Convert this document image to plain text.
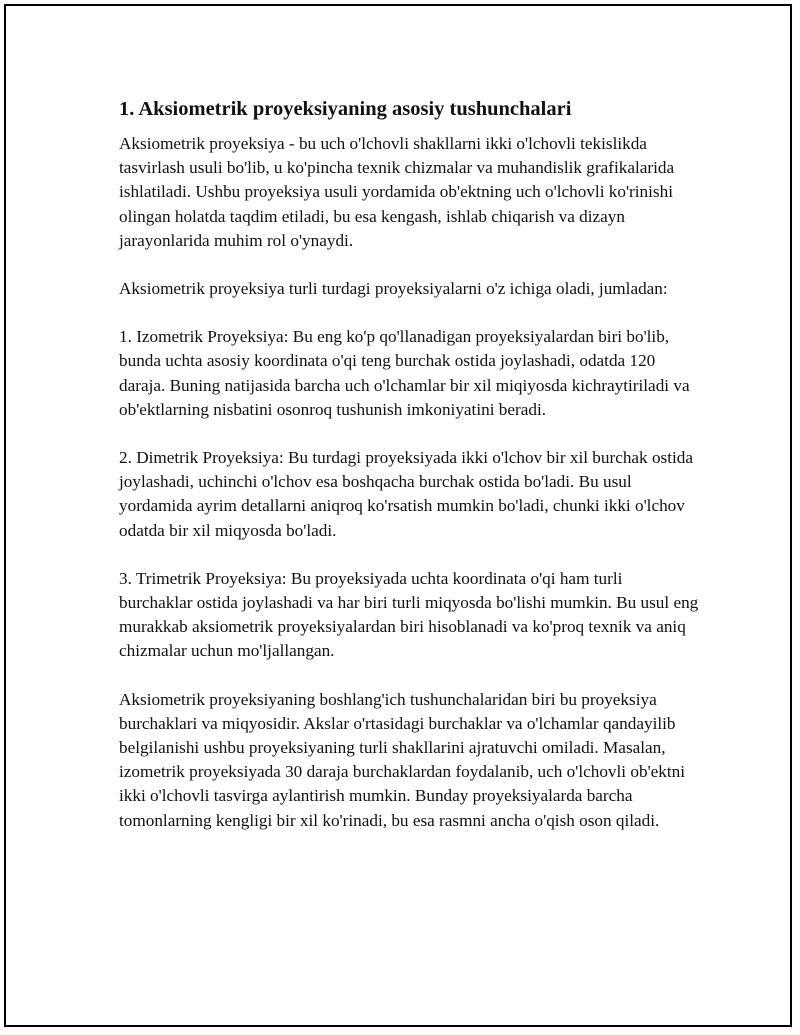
1. Aksiometrik proyeksiyaning asosiy tushunchalari

Aksiometrik proyeksiya - bu uch o'lchovli shakllarni ikki o'lchovli tekislikda tasvirlash usuli bo'lib, u ko'pincha texnik chizmalar va muhandislik grafikalarida ishlatiladi. Ushbu proyeksiya usuli yordamida ob'ektning uch o'lchovli ko'rinishi olingan holatda taqdim etiladi, bu esa kengash, ishlab chiqarish va dizayn jarayonlarida muhim rol o'ynaydi.

Aksiometrik proyeksiya turli turdagi proyeksiyalarni o'z ichiga oladi, jumladan:

1. Izometrik Proyeksiya: Bu eng ko'p qo'llanadigan proyeksiyalardan biri bo'lib, bunda uchta asosiy koordinata o'qi teng burchak ostida joylashadi, odatda 120 daraja. Buning natijasida barcha uch o'lchamlar bir xil miqiyosda kichraytiriladi va ob'ektlarning nisbatini osonroq tushunish imkoniyatini beradi.

2. Dimetrik Proyeksiya: Bu turdagi proyeksiyada ikki o'lchov bir xil burchak ostida joylashadi, uchinchi o'lchov esa boshqacha burchak ostida bo'ladi. Bu usul yordamida ayrim detallarni aniqroq ko'rsatish mumkin bo'ladi, chunki ikki o'lchov odatda bir xil miqyosda bo'ladi.

3. Trimetrik Proyeksiya: Bu proyeksiyada uchta koordinata o'qi ham turli burchaklar ostida joylashadi va har biri turli miqyosda bo'lishi mumkin. Bu usul eng murakkab aksiometrik proyeksiyalardan biri hisoblanadi va ko'proq texnik va aniq chizmalar uchun mo'ljallangan.

Aksiometrik proyeksiyaning boshlang'ich tushunchalaridan biri bu proyeksiya burchaklari va miqyosidir. Akslar o'rtasidagi burchaklar va o'lchamlar qandayilib belgilanishi ushbu proyeksiyaning turli shakllarini ajratuvchi omiladi. Masalan, izometrik proyeksiyada 30 daraja burchaklardan foydalanib, uch o'lchovli ob'ektni ikki o'lchovli tasvirga aylantirish mumkin. Bunday proyeksiyalarda barcha tomonlarning kengligi bir xil ko'rinadi, bu esa rasmni ancha o'qish oson qiladi.
